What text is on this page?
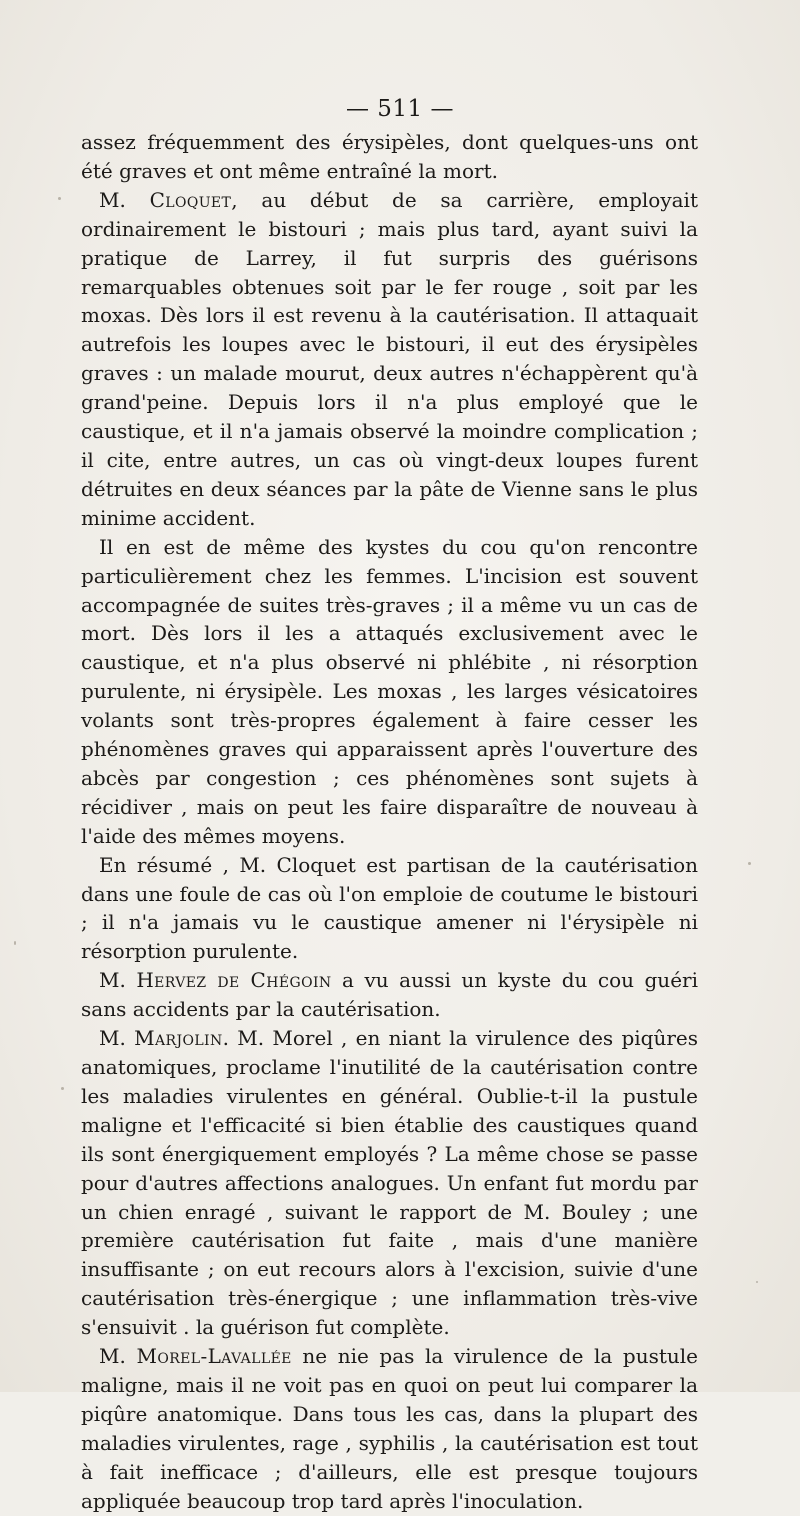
— 511 —

assez fréquemment des érysipèles, dont quelques-uns ont été graves et ont même entraîné la mort.

M. Cloquet, au début de sa carrière, employait ordinairement le bistouri ; mais plus tard, ayant suivi la pratique de Larrey, il fut surpris des guérisons remarquables obtenues soit par le fer rouge , soit par les moxas. Dès lors il est revenu à la cautérisation. Il attaquait autrefois les loupes avec le bistouri, il eut des érysipèles graves : un malade mourut, deux autres n'échappèrent qu'à grand'peine. Depuis lors il n'a plus employé que le caustique, et il n'a jamais observé la moindre complication ; il cite, entre autres, un cas où vingt-deux loupes furent détruites en deux séances par la pâte de Vienne sans le plus minime accident.

Il en est de même des kystes du cou qu'on rencontre particulièrement chez les femmes. L'incision est souvent accompagnée de suites très-graves ; il a même vu un cas de mort. Dès lors il les a attaqués exclusivement avec le caustique, et n'a plus observé ni phlébite , ni résorption purulente, ni érysipèle. Les moxas , les larges vésicatoires volants sont très-propres également à faire cesser les phénomènes graves qui apparaissent après l'ouverture des abcès par congestion ; ces phénomènes sont sujets à récidiver , mais on peut les faire disparaître de nouveau à l'aide des mêmes moyens.

En résumé , M. Cloquet est partisan de la cautérisation dans une foule de cas où l'on emploie de coutume le bistouri ; il n'a jamais vu le caustique amener ni l'érysipèle ni résorption purulente.

M. Hervez de Chégoin a vu aussi un kyste du cou guéri sans accidents par la cautérisation.

M. Marjolin. M. Morel , en niant la virulence des piqûres anatomiques, proclame l'inutilité de la cautérisation contre les maladies virulentes en général. Oublie-t-il la pustule maligne et l'efficacité si bien établie des caustiques quand ils sont énergiquement employés ? La même chose se passe pour d'autres affections analogues. Un enfant fut mordu par un chien enragé , suivant le rapport de M. Bouley ; une première cautérisation fut faite , mais d'une manière insuffisante ; on eut recours alors à l'excision, suivie d'une cautérisation très-énergique ; une inflammation très-vive s'ensuivit . la guérison fut complète.

M. Morel-Lavallée ne nie pas la virulence de la pustule maligne, mais il ne voit pas en quoi on peut lui comparer la piqûre anatomique. Dans tous les cas, dans la plupart des maladies virulentes, rage , syphilis , la cautérisation est tout à fait inefficace ; d'ailleurs, elle est presque toujours appliquée beaucoup trop tard après l'inoculation.
